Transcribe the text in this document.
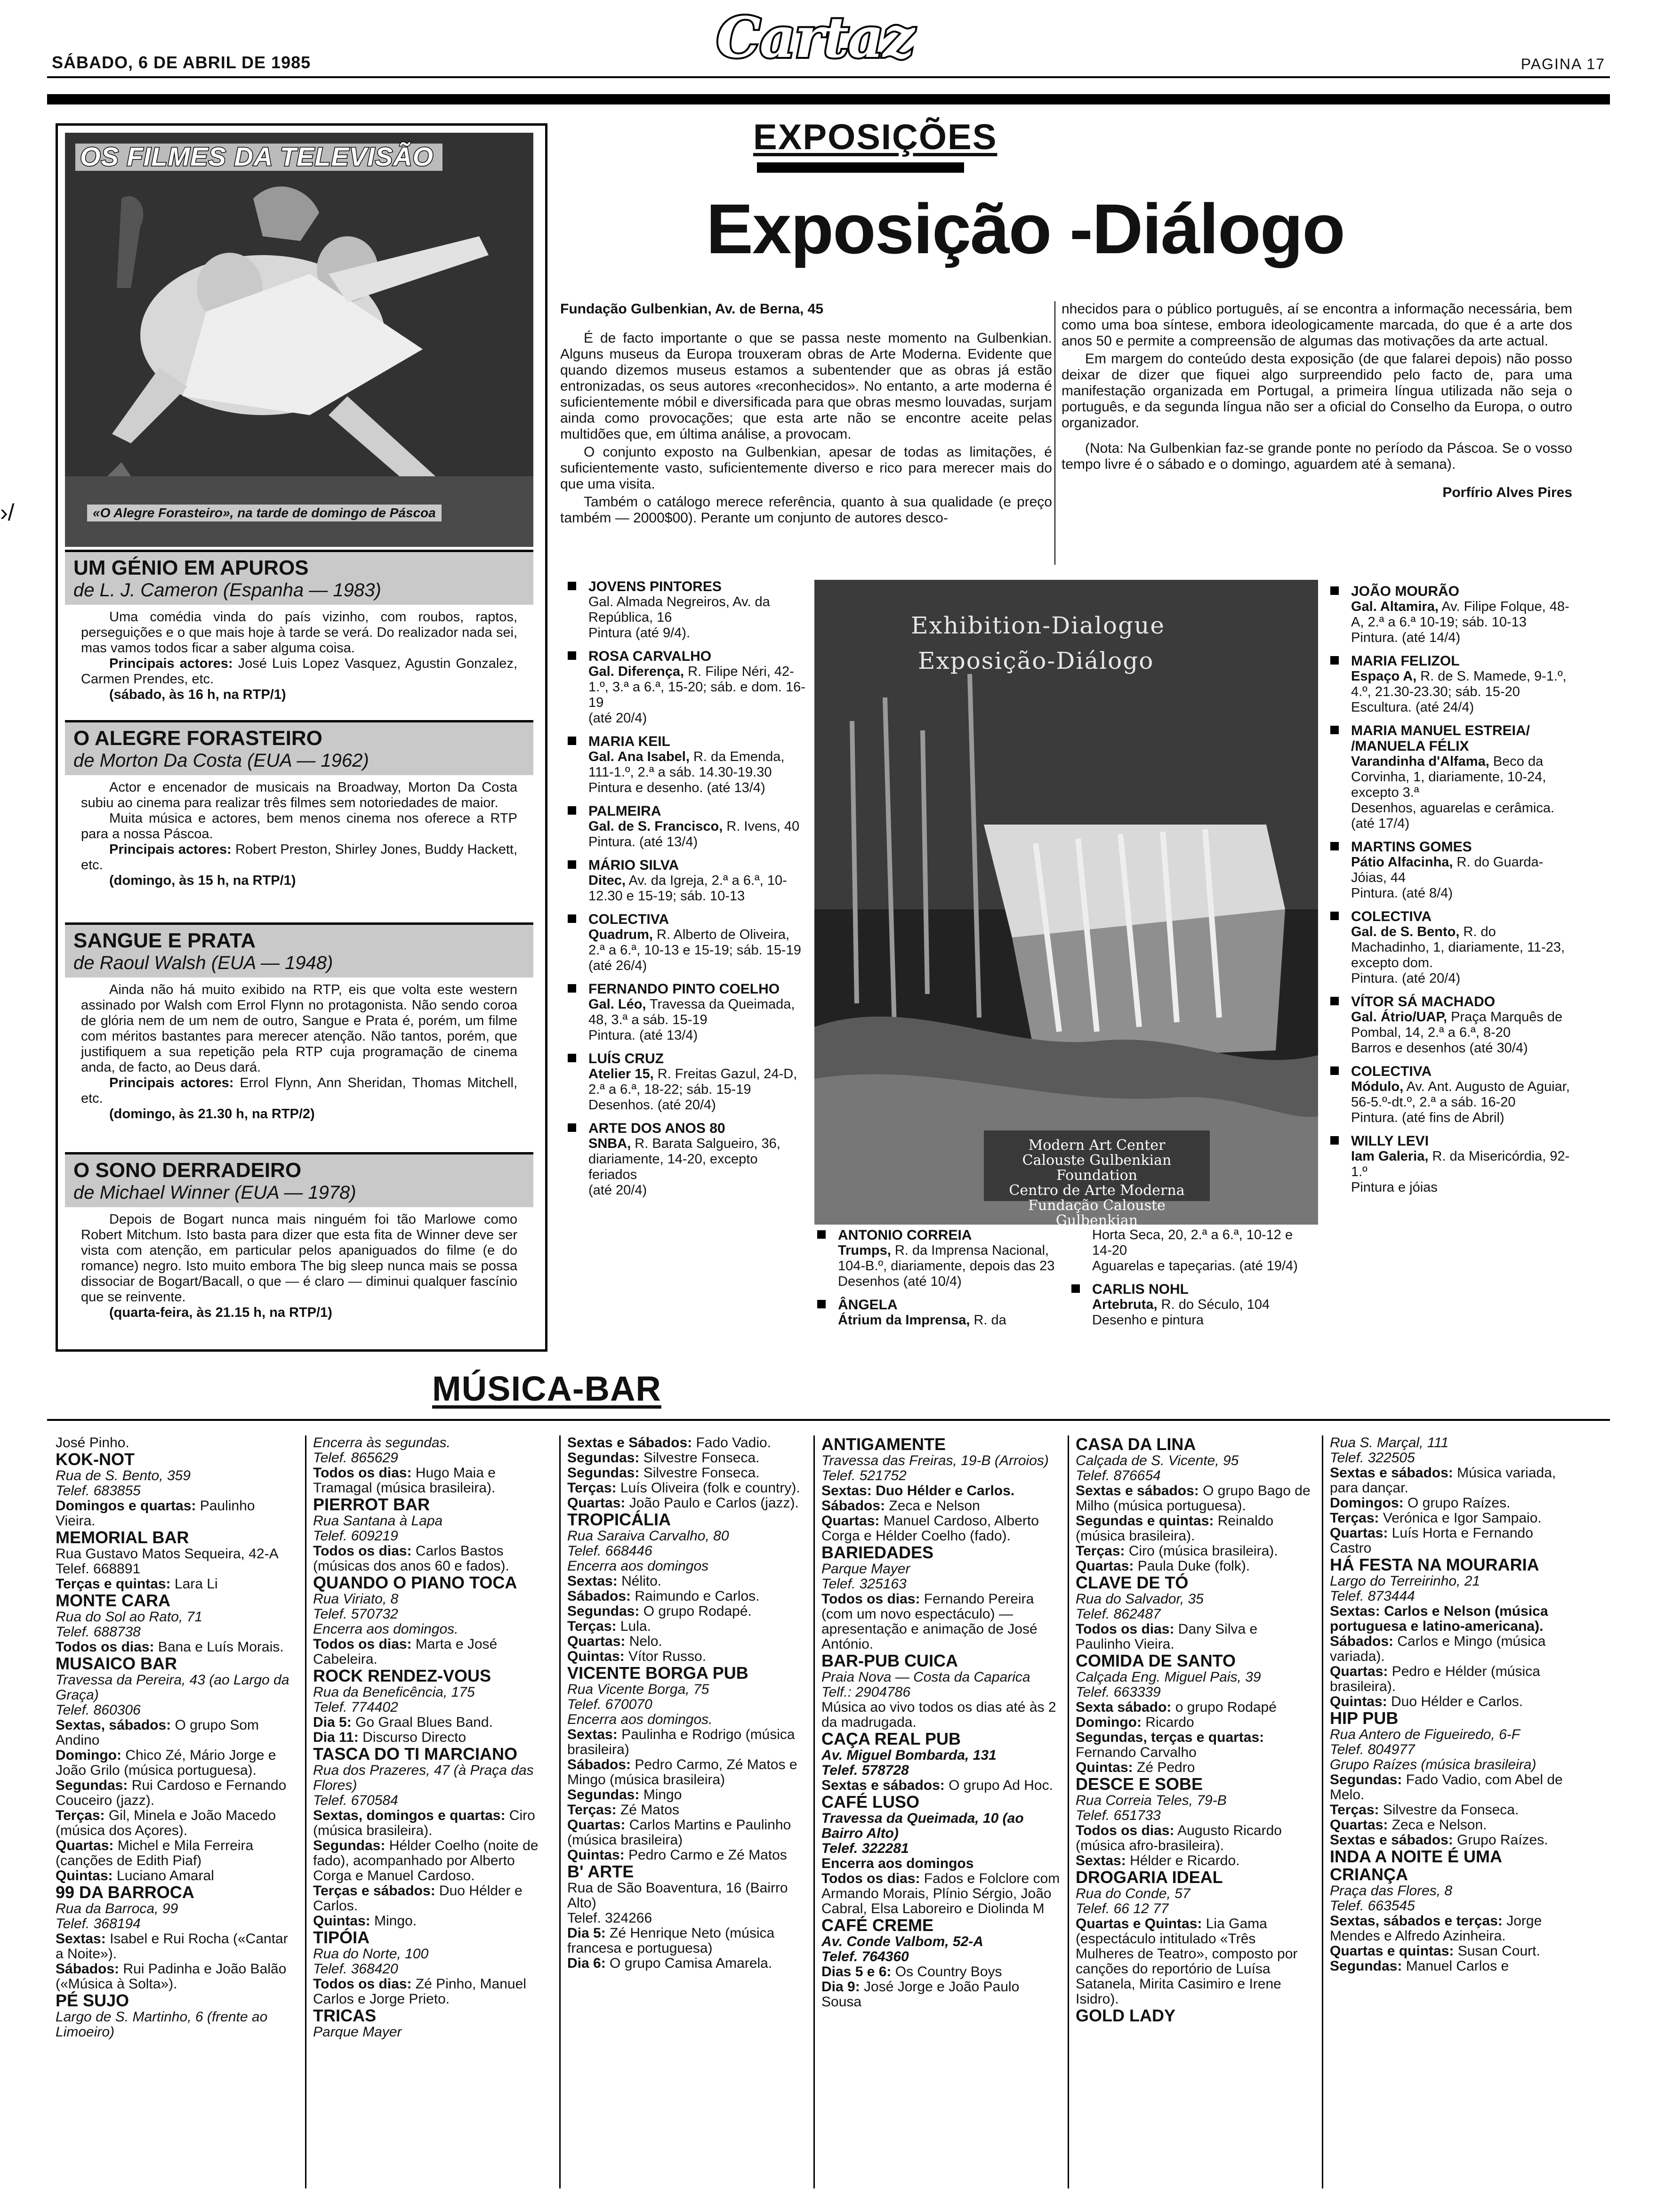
SÁBADO, 6 DE ABRIL DE 1985	Cartaz	PAGINA 17
›/
OS FILMES DA TELEVISÃO
«O Alegre Forasteiro», na tarde de domingo de Páscoa
UM GÉNIO EM APUROS
de L. J. Cameron (Espanha — 1983)

Uma comédia vinda do país vizinho, com roubos, raptos, perseguições e o que mais hoje à tarde se verá. Do realizador nada sei, mas vamos todos ficar a saber alguma coisa.

Principais actores: José Luis Lopez Vasquez, Agustin Gonzalez, Carmen Prendes, etc.

(sábado, às 16 h, na RTP/1)

O ALEGRE FORASTEIRO
de Morton Da Costa (EUA — 1962)

Actor e encenador de musicais na Broadway, Morton Da Costa subiu ao cinema para realizar três filmes sem notoriedades de maior.

Muita música e actores, bem menos cinema nos oferece a RTP para a nossa Páscoa.

Principais actores: Robert Preston, Shirley Jones, Buddy Hackett, etc.

(domingo, às 15 h, na RTP/1)

SANGUE E PRATA
de Raoul Walsh (EUA — 1948)

Ainda não há muito exibido na RTP, eis que volta este western assinado por Walsh com Errol Flynn no protagonista. Não sendo coroa de glória nem de um nem de outro, Sangue e Prata é, porém, um filme com méritos bastantes para merecer atenção. Não tantos, porém, que justifiquem a sua repetição pela RTP cuja programação de cinema anda, de facto, ao Deus dará.

Principais actores: Errol Flynn, Ann Sheridan, Thomas Mitchell, etc.

(domingo, às 21.30 h, na RTP/2)

O SONO DERRADEIRO
de Michael Winner (EUA — 1978)

Depois de Bogart nunca mais ninguém foi tão Marlowe como Robert Mitchum. Isto basta para dizer que esta fita de Winner deve ser vista com atenção, em particular pelos apaniguados do filme (e do romance) negro. Isto muito embora The big sleep nunca mais se possa dissociar de Bogart/Bacall, o que — é claro — diminui qualquer fascínio que se reinvente.

(quarta-feira, às 21.15 h, na RTP/1)

EXPOSIÇÕES
Exposição -Diálogo

Fundação Gulbenkian, Av. de Berna, 45

É de facto importante o que se passa neste momento na Gulbenkian. Alguns museus da Europa trouxeram obras de Arte Moderna. Evidente que quando dizemos museus estamos a subentender que as obras já estão entronizadas, os seus autores «reconhecidos». No entanto, a arte moderna é suficientemente móbil e diversificada para que obras mesmo louvadas, surjam ainda como provocações; que esta arte não se encontre aceite pelas multidões que, em última análise, a provocam.

O conjunto exposto na Gulbenkian, apesar de todas as limitações, é suficientemente vasto, suficientemente diverso e rico para merecer mais do que uma visita.

Também o catálogo merece referência, quanto à sua qualidade (e preço também — 2000$00). Perante um conjunto de autores desco-

nhecidos para o público português, aí se encontra a informação necessária, bem como uma boa síntese, embora ideologicamente marcada, do que é a arte dos anos 50 e permite a compreensão de algumas das motivações da arte actual.

Em margem do conteúdo desta exposição (de que falarei depois) não posso deixar de dizer que fiquei algo surpreendido pelo facto de, para uma manifestação organizada em Portugal, a primeira língua utilizada não seja o português, e da segunda língua não ser a oficial do Conselho da Europa, o outro organizador.

(Nota: Na Gulbenkian faz-se grande ponte no período da Páscoa. Se o vosso tempo livre é o sábado e o domingo, aguardem até à semana).

Porfírio Alves Pires
JOVENS PINTORES
Gal. Almada Negreiros, Av. da República, 16
Pintura (até 9/4).
ROSA CARVALHO
Gal. Diferença, R. Filipe Néri, 42-1.º, 3.ª a 6.ª, 15-20; sáb. e dom. 16-19
(até 20/4)
MARIA KEIL
Gal. Ana Isabel, R. da Emenda, 111-1.º, 2.ª a sáb. 14.30-19.30
Pintura e desenho. (até 13/4)
PALMEIRA
Gal. de S. Francisco, R. Ivens, 40
Pintura. (até 13/4)
MÁRIO SILVA
Ditec, Av. da Igreja, 2.ª a 6.ª, 10-12.30 e 15-19; sáb. 10-13
COLECTIVA
Quadrum, R. Alberto de Oliveira, 2.ª a 6.ª, 10-13 e 15-19; sáb. 15-19
(até 26/4)
FERNANDO PINTO COELHO
Gal. Léo, Travessa da Queimada, 48, 3.ª a sáb. 15-19
Pintura. (até 13/4)
LUÍS CRUZ
Atelier 15, R. Freitas Gazul, 24-D, 2.ª a 6.ª, 18-22; sáb. 15-19
Desenhos. (até 20/4)
ARTE DOS ANOS 80
SNBA, R. Barata Salgueiro, 36, diariamente, 14-20, excepto feriados
(até 20/4)
Exhibition-Dialogue
Exposição-Diálogo
Modern Art Center
Calouste Gulbenkian Foundation
Centro de Arte Moderna
Fundação Calouste Gulbenkian
ANTONIO CORREIA
Trumps, R. da Imprensa Nacional, 104-B.º, diariamente, depois das 23
Desenhos (até 10/4)
ÂNGELA
Átrium da Imprensa, R. da
Horta Seca, 20, 2.ª a 6.ª, 10-12 e 14-20
Aguarelas e tapeçarias. (até 19/4)
CARLIS NOHL
Artebruta, R. do Século, 104
Desenho e pintura
JOÃO MOURÃO
Gal. Altamira, Av. Filipe Folque, 48-A, 2.ª a 6.ª 10-19; sáb. 10-13
Pintura. (até 14/4)
MARIA FELIZOL
Espaço A, R. de S. Mamede, 9-1.º, 4.º, 21.30-23.30; sáb. 15-20
Escultura. (até 24/4)
MARIA MANUEL ESTREIA/ /MANUELA FÉLIX
Varandinha d'Alfama, Beco da Corvinha, 1, diariamente, 10-24, excepto 3.ª
Desenhos, aguarelas e cerâmica. (até 17/4)
MARTINS GOMES
Pátio Alfacinha, R. do Guarda-Jóias, 44
Pintura. (até 8/4)
COLECTIVA
Gal. de S. Bento, R. do Machadinho, 1, diariamente, 11-23, excepto dom.
Pintura. (até 20/4)
VÍTOR SÁ MACHADO
Gal. Átrio/UAP, Praça Marquês de Pombal, 14, 2.ª a 6.ª, 8-20
Barros e desenhos (até 30/4)
COLECTIVA
Módulo, Av. Ant. Augusto de Aguiar, 56-5.º-dt.º, 2.ª a sáb. 16-20
Pintura. (até fins de Abril)
WILLY LEVI
Iam Galeria, R. da Misericórdia, 92-1.º
Pintura e jóias
MÚSICA-BAR
José Pinho.
KOK-NOT
Rua de S. Bento, 359
Telef. 683855
Domingos e quartas: Paulinho Vieira.
MEMORIAL BAR
Rua Gustavo Matos Sequeira, 42-A
Telef. 668891
Terças e quintas: Lara Li
MONTE CARA
Rua do Sol ao Rato, 71
Telef. 688738
Todos os dias: Bana e Luís Morais.
MUSAICO BAR
Travessa da Pereira, 43 (ao Largo da Graça)
Telef. 860306
Sextas, sábados: O grupo Som Andino
Domingo: Chico Zé, Mário Jorge e João Grilo (música portuguesa).
Segundas: Rui Cardoso e Fernando Couceiro (jazz).
Terças: Gil, Minela e João Macedo (música dos Açores).
Quartas: Michel e Mila Ferreira (canções de Edith Piaf)
Quintas: Luciano Amaral
99 DA BARROCA
Rua da Barroca, 99
Telef. 368194
Sextas: Isabel e Rui Rocha («Cantar a Noite»).
Sábados: Rui Padinha e João Balão («Música à Solta»).
PÉ SUJO
Largo de S. Martinho, 6 (frente ao Limoeiro)
Encerra às segundas.
Telef. 865629
Todos os dias: Hugo Maia e Tramagal (música brasileira).
PIERROT BAR
Rua Santana à Lapa
Telef. 609219
Todos os dias: Carlos Bastos (músicas dos anos 60 e fados).
QUANDO O PIANO TOCA
Rua Viriato, 8
Telef. 570732
Encerra aos domingos.
Todos os dias: Marta e José Cabeleira.
ROCK RENDEZ-VOUS
Rua da Beneficência, 175
Telef. 774402
Dia 5: Go Graal Blues Band.
Dia 11: Discurso Directo
TASCA DO TI MARCIANO
Rua dos Prazeres, 47 (à Praça das Flores)
Telef. 670584
Sextas, domingos e quartas: Ciro (música brasileira).
Segundas: Hélder Coelho (noite de fado), acompanhado por Alberto Corga e Manuel Cardoso.
Terças e sábados: Duo Hélder e Carlos.
Quintas: Mingo.
TIPÓIA
Rua do Norte, 100
Telef. 368420
Todos os dias: Zé Pinho, Manuel Carlos e Jorge Prieto.
TRICAS
Parque Mayer
Sextas e Sábados: Fado Vadio.
Segundas: Silvestre Fonseca.
Segundas: Silvestre Fonseca.
Terças: Luís Oliveira (folk e country).
Quartas: João Paulo e Carlos (jazz).
TROPICÁLIA
Rua Saraiva Carvalho, 80
Telef. 668446
Encerra aos domingos
Sextas: Nélito.
Sábados: Raimundo e Carlos.
Segundas: O grupo Rodapé.
Terças: Lula.
Quartas: Nelo.
Quintas: Vítor Russo.
VICENTE BORGA PUB
Rua Vicente Borga, 75
Telef. 670070
Encerra aos domingos.
Sextas: Paulinha e Rodrigo (música brasileira)
Sábados: Pedro Carmo, Zé Matos e Mingo (música brasileira)
Segundas: Mingo
Terças: Zé Matos
Quartas: Carlos Martins e Paulinho (música brasileira)
Quintas: Pedro Carmo e Zé Matos
B' ARTE
Rua de São Boaventura, 16 (Bairro Alto)
Telef. 324266
Dia 5: Zé Henrique Neto (música francesa e portuguesa)
Dia 6: O grupo Camisa Amarela.
ANTIGAMENTE
Travessa das Freiras, 19-B (Arroios)
Telef. 521752
Sextas: Duo Hélder e Carlos.
Sábados: Zeca e Nelson
Quartas: Manuel Cardoso, Alberto Corga e Hélder Coelho (fado).
BARIEDADES
Parque Mayer
Telef. 325163
Todos os dias: Fernando Pereira (com um novo espectáculo) — apresentação e animação de José António.
BAR-PUB CUICA
Praia Nova — Costa da Caparica
Telf.: 2904786
Música ao vivo todos os dias até às 2 da madrugada.
CAÇA REAL PUB
Av. Miguel Bombarda, 131
Telef. 578728
Sextas e sábados: O grupo Ad Hoc.
CAFÉ LUSO
Travessa da Queimada, 10 (ao Bairro Alto)
Telef. 322281
Encerra aos domingos
Todos os dias: Fados e Folclore com Armando Morais, Plínio Sérgio, João Cabral, Elsa Laboreiro e Diolinda M
CAFÉ CREME
Av. Conde Valbom, 52-A
Telef. 764360
Dias 5 e 6: Os Country Boys
Dia 9: José Jorge e João Paulo Sousa
CASA DA LINA
Calçada de S. Vicente, 95
Telef. 876654
Sextas e sábados: O grupo Bago de Milho (música portuguesa).
Segundas e quintas: Reinaldo (música brasileira).
Terças: Ciro (música brasileira).
Quartas: Paula Duke (folk).
CLAVE DE TÓ
Rua do Salvador, 35
Telef. 862487
Todos os dias: Dany Silva e Paulinho Vieira.
COMIDA DE SANTO
Calçada Eng. Miguel Pais, 39
Telef. 663339
Sexta sábado: o grupo Rodapé
Domingo: Ricardo
Segundas, terças e quartas: Fernando Carvalho
Quintas: Zé Pedro
DESCE E SOBE
Rua Correia Teles, 79-B
Telef. 651733
Todos os dias: Augusto Ricardo (música afro-brasileira).
Sextas: Hélder e Ricardo.
DROGARIA IDEAL
Rua do Conde, 57
Telef. 66 12 77
Quartas e Quintas: Lia Gama (espectáculo intitulado «Três Mulheres de Teatro», composto por canções do reportório de Luísa Satanela, Mirita Casimiro e Irene Isidro).
GOLD LADY
Rua S. Marçal, 111
Telef. 322505
Sextas e sábados: Música variada, para dançar.
Domingos: O grupo Raízes.
Terças: Verónica e Igor Sampaio.
Quartas: Luís Horta e Fernando Castro
HÁ FESTA NA MOURARIA
Largo do Terreirinho, 21
Telef. 873444
Sextas: Carlos e Nelson (música portuguesa e latino-americana).
Sábados: Carlos e Mingo (música variada).
Quartas: Pedro e Hélder (música brasileira).
Quintas: Duo Hélder e Carlos.
HIP PUB
Rua Antero de Figueiredo, 6-F
Telef. 804977
Grupo Raízes (música brasileira)
Segundas: Fado Vadio, com Abel de Melo.
Terças: Silvestre da Fonseca.
Quartas: Zeca e Nelson.
Sextas e sábados: Grupo Raízes.
INDA A NOITE É UMA CRIANÇA
Praça das Flores, 8
Telef. 663545
Sextas, sábados e terças: Jorge Mendes e Alfredo Azinheira.
Quartas e quintas: Susan Court.
Segundas: Manuel Carlos e
